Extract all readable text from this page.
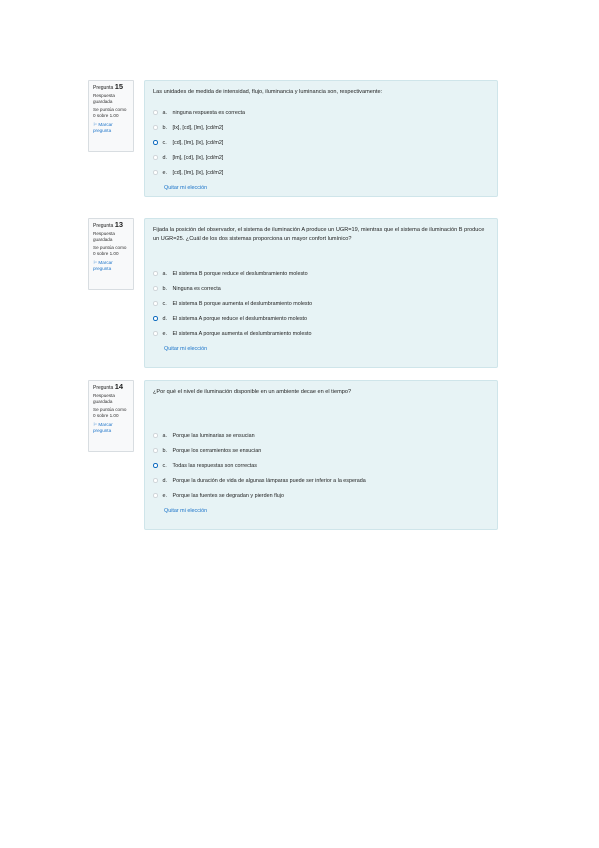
Pregunta 15
Respuesta guardada
Se puntúa como 0 sobre 1.00
⚐ Marcar pregunta
Las unidades de medida de intensidad, flujo, iluminancia y luminancia son, respectivamente:
a.	ninguna respuesta es correcta
b.	[lx], [cd], [lm], [cd/m2]
c.	[cd], [lm], [lx], [cd/m2]
d.	[lm], [cd], [lx], [cd/m2]
e.	[cd], [lm], [lx], [cd/m2]
Quitar mi elección
Pregunta 13
Respuesta guardada
Se puntúa como 0 sobre 1.00
⚐ Marcar pregunta
Fijada la posición del observador, el sistema de iluminación A produce un UGR=19, mientras que el sistema de iluminación B produce un UGR=25. ¿Cuál de los dos sistemas proporciona un mayor confort lumínico?
a.	El sistema B porque reduce el deslumbramiento molesto
b.	Ninguna es correcta
c.	El sistema B porque aumenta el deslumbramiento molesto
d.	El sistema A porque reduce el deslumbramiento molesto
e.	El sistema A porque aumenta el deslumbramiento molesto
Quitar mi elección
Pregunta 14
Respuesta guardada
Se puntúa como 0 sobre 1.00
⚐ Marcar pregunta
¿Por qué el nivel de iluminación disponible en un ambiente decae en el tiempo?
a.	Porque las luminarias se ensucian
b.	Porque los cerramientos se ensucian
c.	Todas las respuestas son correctas
d.	Porque la duración de vida de algunas lámparas puede ser inferior a la esperada
e.	Porque las fuentes se degradan y pierden flujo
Quitar mi elección
